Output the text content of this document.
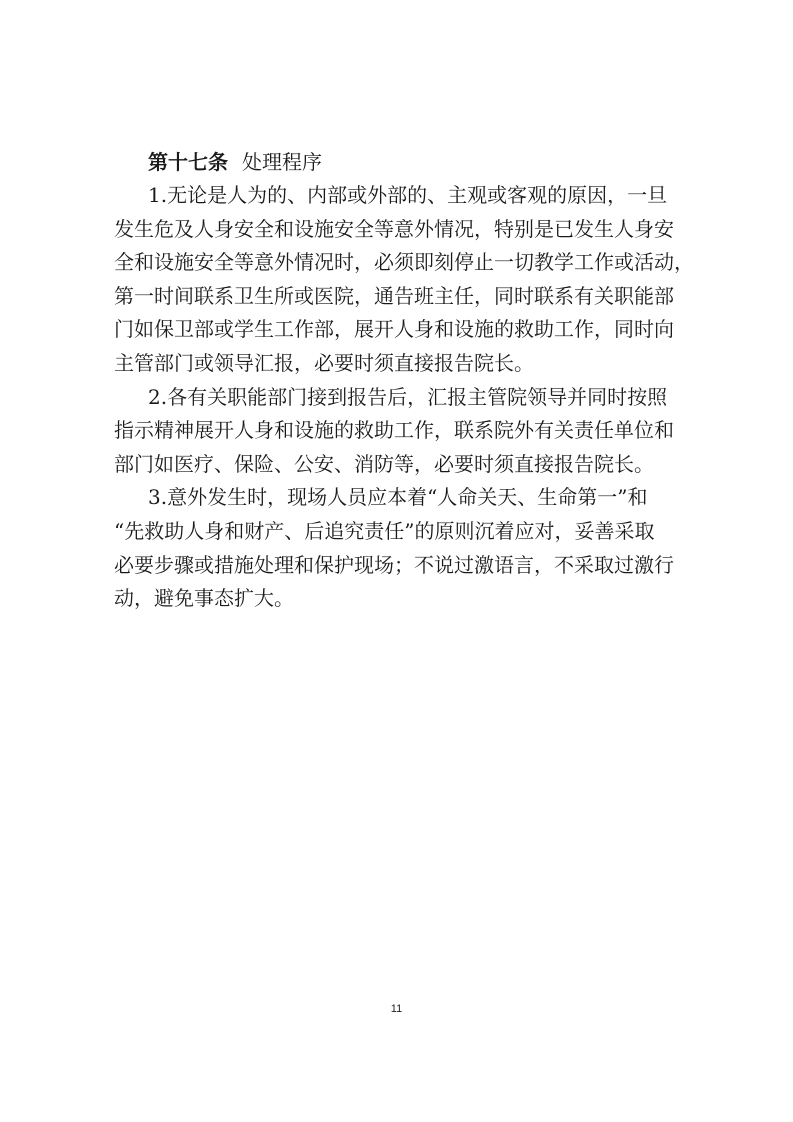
第十七条 处理程序

1.无论是人为的、内部或外部的、主观或客观的原因，一旦
发生危及人身安全和设施安全等意外情况，特别是已发生人身安
全和设施安全等意外情况时，必须即刻停止一切教学工作或活动，
第一时间联系卫生所或医院，通告班主任，同时联系有关职能部
门如保卫部或学生工作部，展开人身和设施的救助工作，同时向
主管部门或领导汇报，必要时须直接报告院长。

2.各有关职能部门接到报告后，汇报主管院领导并同时按照
指示精神展开人身和设施的救助工作，联系院外有关责任单位和
部门如医疗、保险、公安、消防等，必要时须直接报告院长。

3.意外发生时，现场人员应本着“人命关天、生命第一”和
“先救助人身和财产、后追究责任”的原则沉着应对，妥善采取
必要步骤或措施处理和保护现场；不说过激语言，不采取过激行
动，避免事态扩大。

11
